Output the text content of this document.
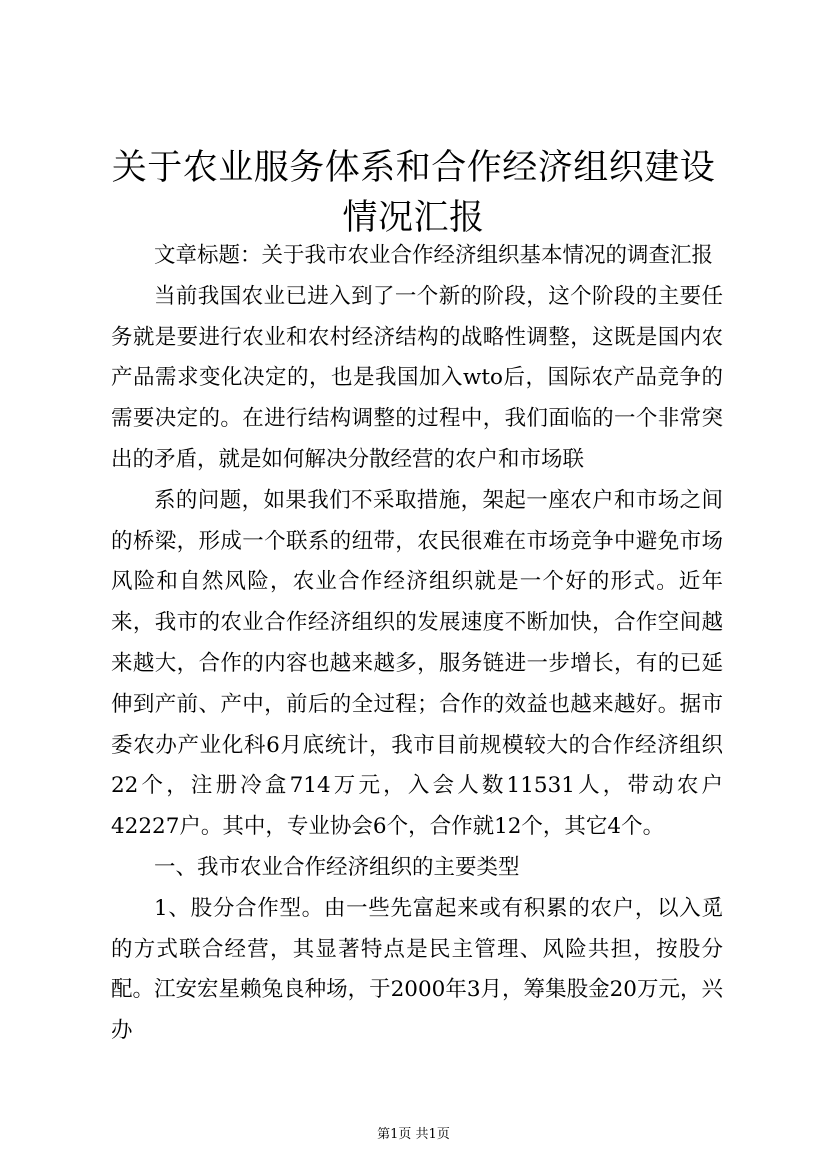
关于农业服务体系和合作经济组织建设情况汇报

文章标题：关于我市农业合作经济组织基本情况的调查汇报

当前我国农业已进入到了一个新的阶段，这个阶段的主要任务就是要进行农业和农村经济结构的战略性调整，这既是国内农产品需求变化决定的，也是我国加入wto后，国际农产品竞争的需要决定的。在进行结构调整的过程中，我们面临的一个非常突出的矛盾，就是如何解决分散经营的农户和市场联

系的问题，如果我们不采取措施，架起一座农户和市场之间的桥梁，形成一个联系的纽带，农民很难在市场竞争中避免市场风险和自然风险，农业合作经济组织就是一个好的形式。近年来，我市的农业合作经济组织的发展速度不断加快，合作空间越来越大，合作的内容也越来越多，服务链进一步增长，有的已延伸到产前、产中，前后的全过程；合作的效益也越来越好。据市委农办产业化科6月底统计，我市目前规模较大的合作经济组织22个，注册冷盒714万元，入会人数11531人，带动农户42227户。其中，专业协会6个，合作就12个，其它4个。

一、我市农业合作经济组织的主要类型

1、股分合作型。由一些先富起来或有积累的农户，以入觅的方式联合经营，其显著特点是民主管理、风险共担，按股分配。江安宏星赖兔良种场，于2000年3月，筹集股金20万元，兴办

第1页 共1页
